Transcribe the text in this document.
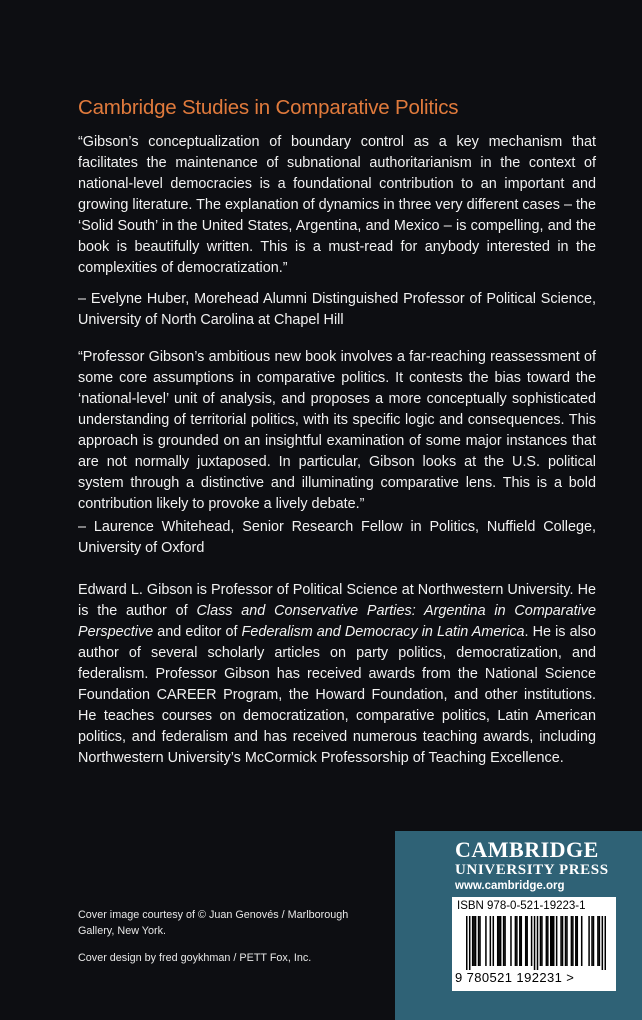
Cambridge Studies in Comparative Politics

“Gibson’s conceptualization of boundary control as a key mechanism that facilitates the maintenance of subnational authoritarianism in the context of national-level democracies is a foundational contribution to an important and growing literature. The explanation of dynamics in three very different cases – the ‘Solid South’ in the United States, Argentina, and Mexico – is compelling, and the book is beautifully written. This is a must-read for anybody interested in the complexities of democratization.”

– Evelyne Huber, Morehead Alumni Distinguished Professor of Political Science, University of North Carolina at Chapel Hill

“Professor Gibson’s ambitious new book involves a far-reaching reassessment of some core assumptions in comparative politics. It contests the bias toward the ‘national-level’ unit of analysis, and proposes a more conceptually sophisticated understanding of territorial politics, with its specific logic and consequences. This approach is grounded on an insightful examination of some major instances that are not normally juxtaposed. In particular, Gibson looks at the U.S. political system through a distinctive and illuminating comparative lens. This is a bold contribution likely to provoke a lively debate.”

– Laurence Whitehead, Senior Research Fellow in Politics, Nuffield College, University of Oxford

Edward L. Gibson is Professor of Political Science at Northwestern University. He is the author of Class and Conservative Parties: Argentina in Comparative Perspective and editor of Federalism and Democracy in Latin America. He is also author of several scholarly articles on party politics, democratization, and federalism. Professor Gibson has received awards from the National Science Foundation CAREER Program, the Howard Foundation, and other institutions. He teaches courses on democratization, comparative politics, Latin American politics, and federalism and has received numerous teaching awards, including Northwestern University’s McCormick Professorship of Teaching Excellence.

Cover image courtesy of © Juan Genovés / Marlborough Gallery, New York.
Cover design by fred goykhman / PETT Fox, Inc.
CAMBRIDGE
UNIVERSITY PRESS
www.cambridge.org
ISBN 978-0-521-19223-1
9 780521 192231 >
